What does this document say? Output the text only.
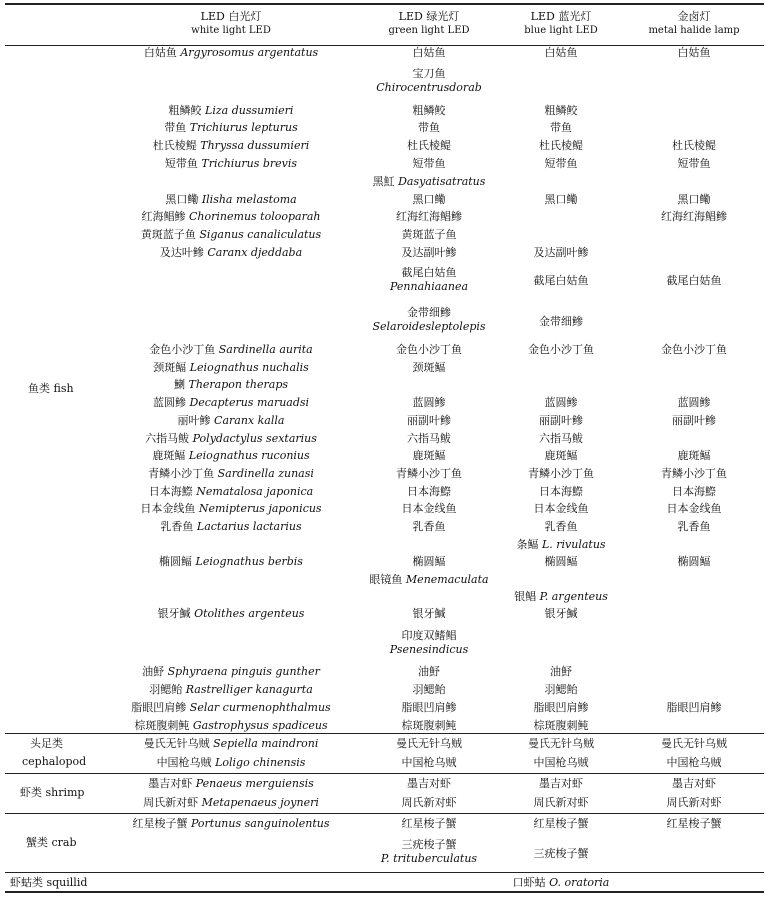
LED 白光灯
white light LED
LED 绿光灯
green light LED
LED 蓝光灯
blue light LED
金卤灯
metal halide lamp
鱼类 fish
头足类
cephalopod
虾类 shrimp
蟹类 crab
虾蛄类 squillid
白姑鱼 Argyrosomus argentatus
粗鳞鲛 Liza dussumieri
带鱼 Trichiurus lepturus
杜氏棱鳀 Thryssa dussumieri
短带鱼 Trichiurus brevis
黑口鳓 Ilisha melastoma
红海鲳鲹 Chorinemus tolooparah
黄斑蓝子鱼 Siganus canaliculatus
及达叶鲹 Caranx djeddaba
金色小沙丁鱼 Sardinella aurita
颈斑鲾 Leiognathus nuchalis
鯻 Therapon theraps
蓝圆鲹 Decapterus maruadsi
丽叶鲹 Caranx kalla
六指马鲅 Polydactylus sextarius
鹿斑鲾 Leiognathus ruconius
青鳞小沙丁鱼 Sardinella zunasi
日本海鰶 Nematalosa japonica
日本金线鱼 Nemipterus japonicus
乳香鱼 Lactarius lactarius
椭圆鲾 Leiognathus berbis
银牙鰔 Otolithes argenteus
油魣 Sphyraena pinguis gunther
羽鳃鲐 Rastrelliger kanagurta
脂眼凹肩鲹 Selar curmenophthalmus
棕斑腹刺鲀 Gastrophysus spadiceus
曼氏无针乌贼 Sepiella maindroni
中国枪乌贼 Loligo chinensis
墨吉对虾 Penaeus merguiensis
周氏新对虾 Metapenaeus joyneri
红星梭子蟹 Portunus sanguinolentus
白姑鱼
宝刀鱼
Chirocentrusdorab
粗鳞鲛
带鱼
杜氏棱鳀
短带鱼
黑魟 Dasyatisatratus
黑口鳓
红海红海鲳鲹
黄斑蓝子鱼
及达副叶鲹
截尾白姑鱼
Pennahiaanea
金带细鲹
Selaroidesleptolepis
金色小沙丁鱼
颈斑鲾
蓝圆鲹
丽副叶鲹
六指马鲅
鹿斑鲾
青鳞小沙丁鱼
日本海鰶
日本金线鱼
乳香鱼
椭圆鲾
眼镜鱼 Menemaculata
银牙鰔
印度双鳍鲳
Psenesindicus
油魣
羽鳃鲐
脂眼凹肩鲹
棕斑腹刺鲀
曼氏无针乌贼
中国枪乌贼
墨吉对虾
周氏新对虾
红星梭子蟹
三疣梭子蟹
P. trituberculatus
白姑鱼
粗鳞鲛
带鱼
杜氏棱鳀
短带鱼
黑口鳓
及达副叶鲹
截尾白姑鱼
金带细鲹
金色小沙丁鱼
蓝圆鲹
丽副叶鲹
六指马鲅
鹿斑鲾
青鳞小沙丁鱼
日本海鰶
日本金线鱼
乳香鱼
条鲾 L. rivulatus
椭圆鲾
银鲳 P. argenteus
银牙鰔
油魣
羽鳃鲐
脂眼凹肩鲹
棕斑腹刺鲀
曼氏无针乌贼
中国枪乌贼
墨吉对虾
周氏新对虾
红星梭子蟹
三疣梭子蟹
口虾蛄 O. oratoria
白姑鱼
杜氏棱鳀
短带鱼
黑口鳓
红海红海鲳鲹
截尾白姑鱼
金色小沙丁鱼
蓝圆鲹
丽副叶鲹
鹿斑鲾
青鳞小沙丁鱼
日本海鰶
日本金线鱼
乳香鱼
椭圆鲾
脂眼凹肩鲹
曼氏无针乌贼
中国枪乌贼
墨吉对虾
周氏新对虾
红星梭子蟹
